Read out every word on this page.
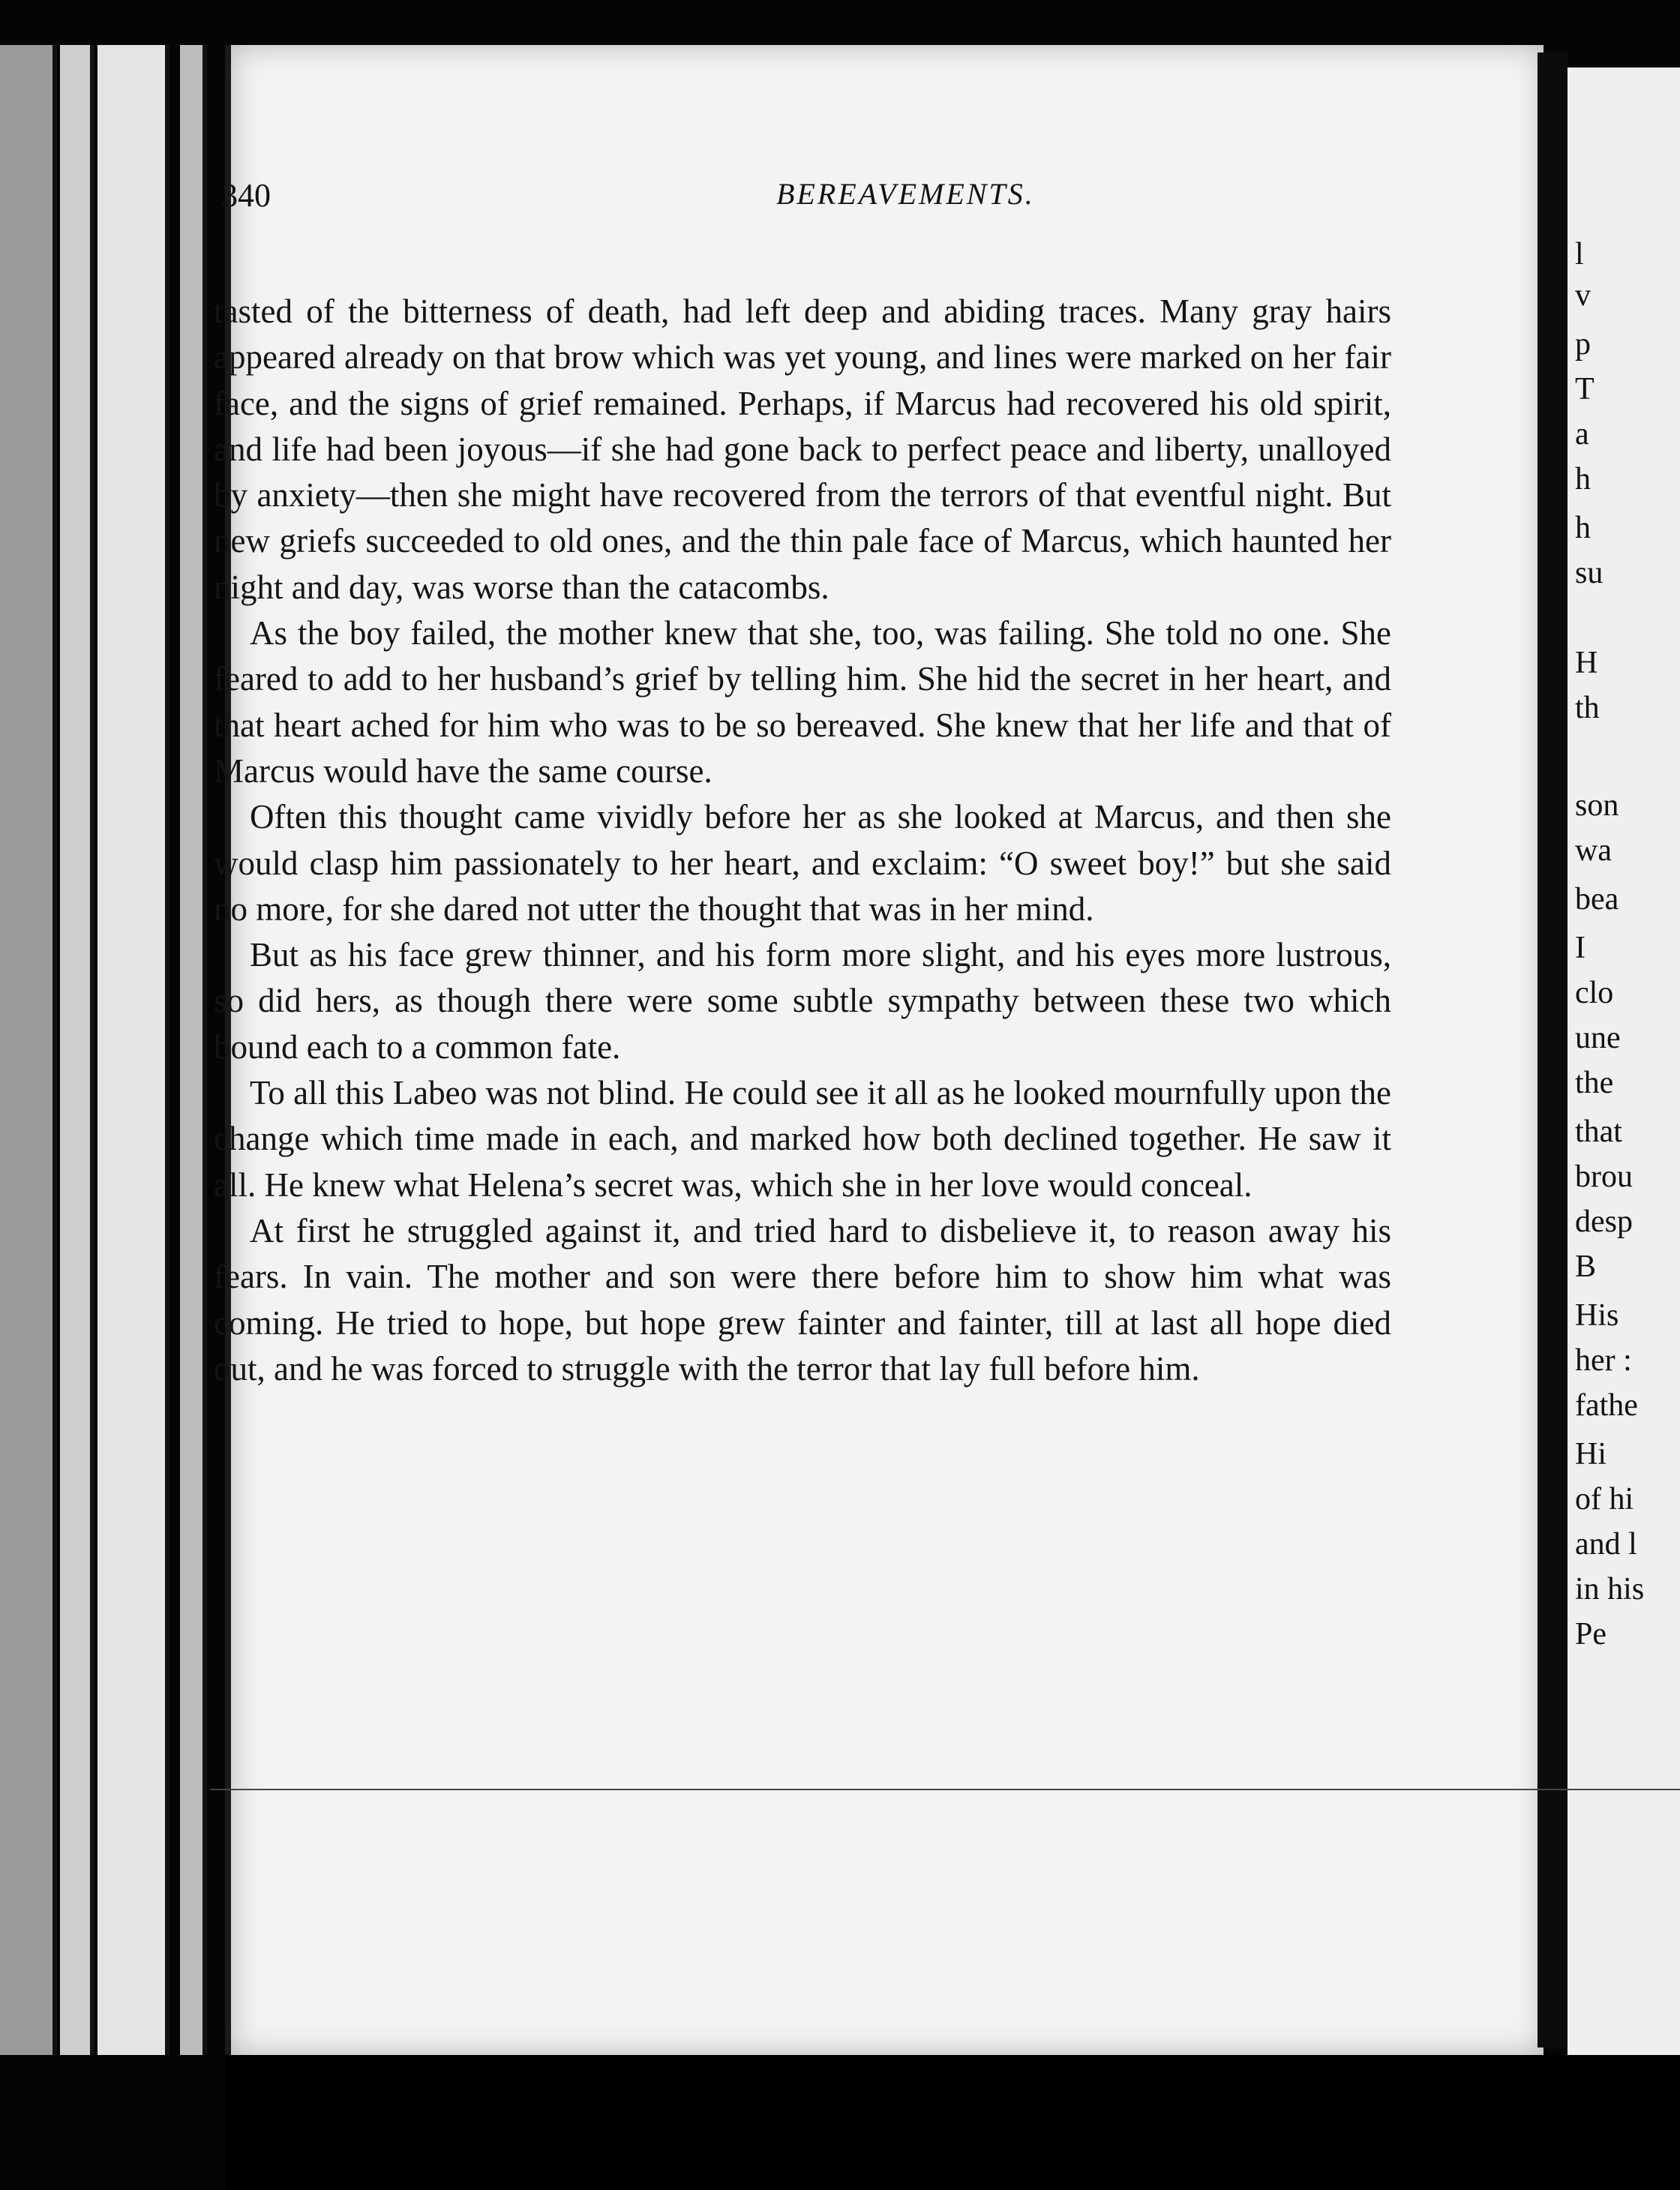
l
v
p
T
a
h
h
su
H
th
son
wa
bea
I
clo
une
the
that
brou
desp
B
His
her :
fathe
Hi
of hi
and l
in his
Pe
340	BEREAVEMENTS.

tasted of the bitterness of death, had left deep and abiding traces. Many gray hairs appeared already on that brow which was yet young, and lines were marked on her fair face, and the signs of grief remained. Perhaps, if Marcus had recovered his old spirit, and life had been joyous—if she had gone back to perfect peace and liberty, unalloyed by anxiety—then she might have recovered from the terrors of that eventful night. But new griefs succeeded to old ones, and the thin pale face of Marcus, which haunted her night and day, was worse than the catacombs.

As the boy failed, the mother knew that she, too, was failing. She told no one. She feared to add to her husband’s grief by telling him. She hid the secret in her heart, and that heart ached for him who was to be so bereaved. She knew that her life and that of Marcus would have the same course.

Often this thought came vividly before her as she looked at Marcus, and then she would clasp him passionately to her heart, and exclaim: “O sweet boy!” but she said no more, for she dared not utter the thought that was in her mind.

But as his face grew thinner, and his form more slight, and his eyes more lustrous, so did hers, as though there were some subtle sympathy between these two which bound each to a common fate.

To all this Labeo was not blind. He could see it all as he looked mournfully upon the change which time made in each, and marked how both declined together. He saw it all. He knew what Helena’s secret was, which she in her love would conceal.

At first he struggled against it, and tried hard to disbelieve it, to reason away his fears. In vain. The mother and son were there before him to show him what was coming. He tried to hope, but hope grew fainter and fainter, till at last all hope died out, and he was forced to struggle with the terror that lay full before him.
